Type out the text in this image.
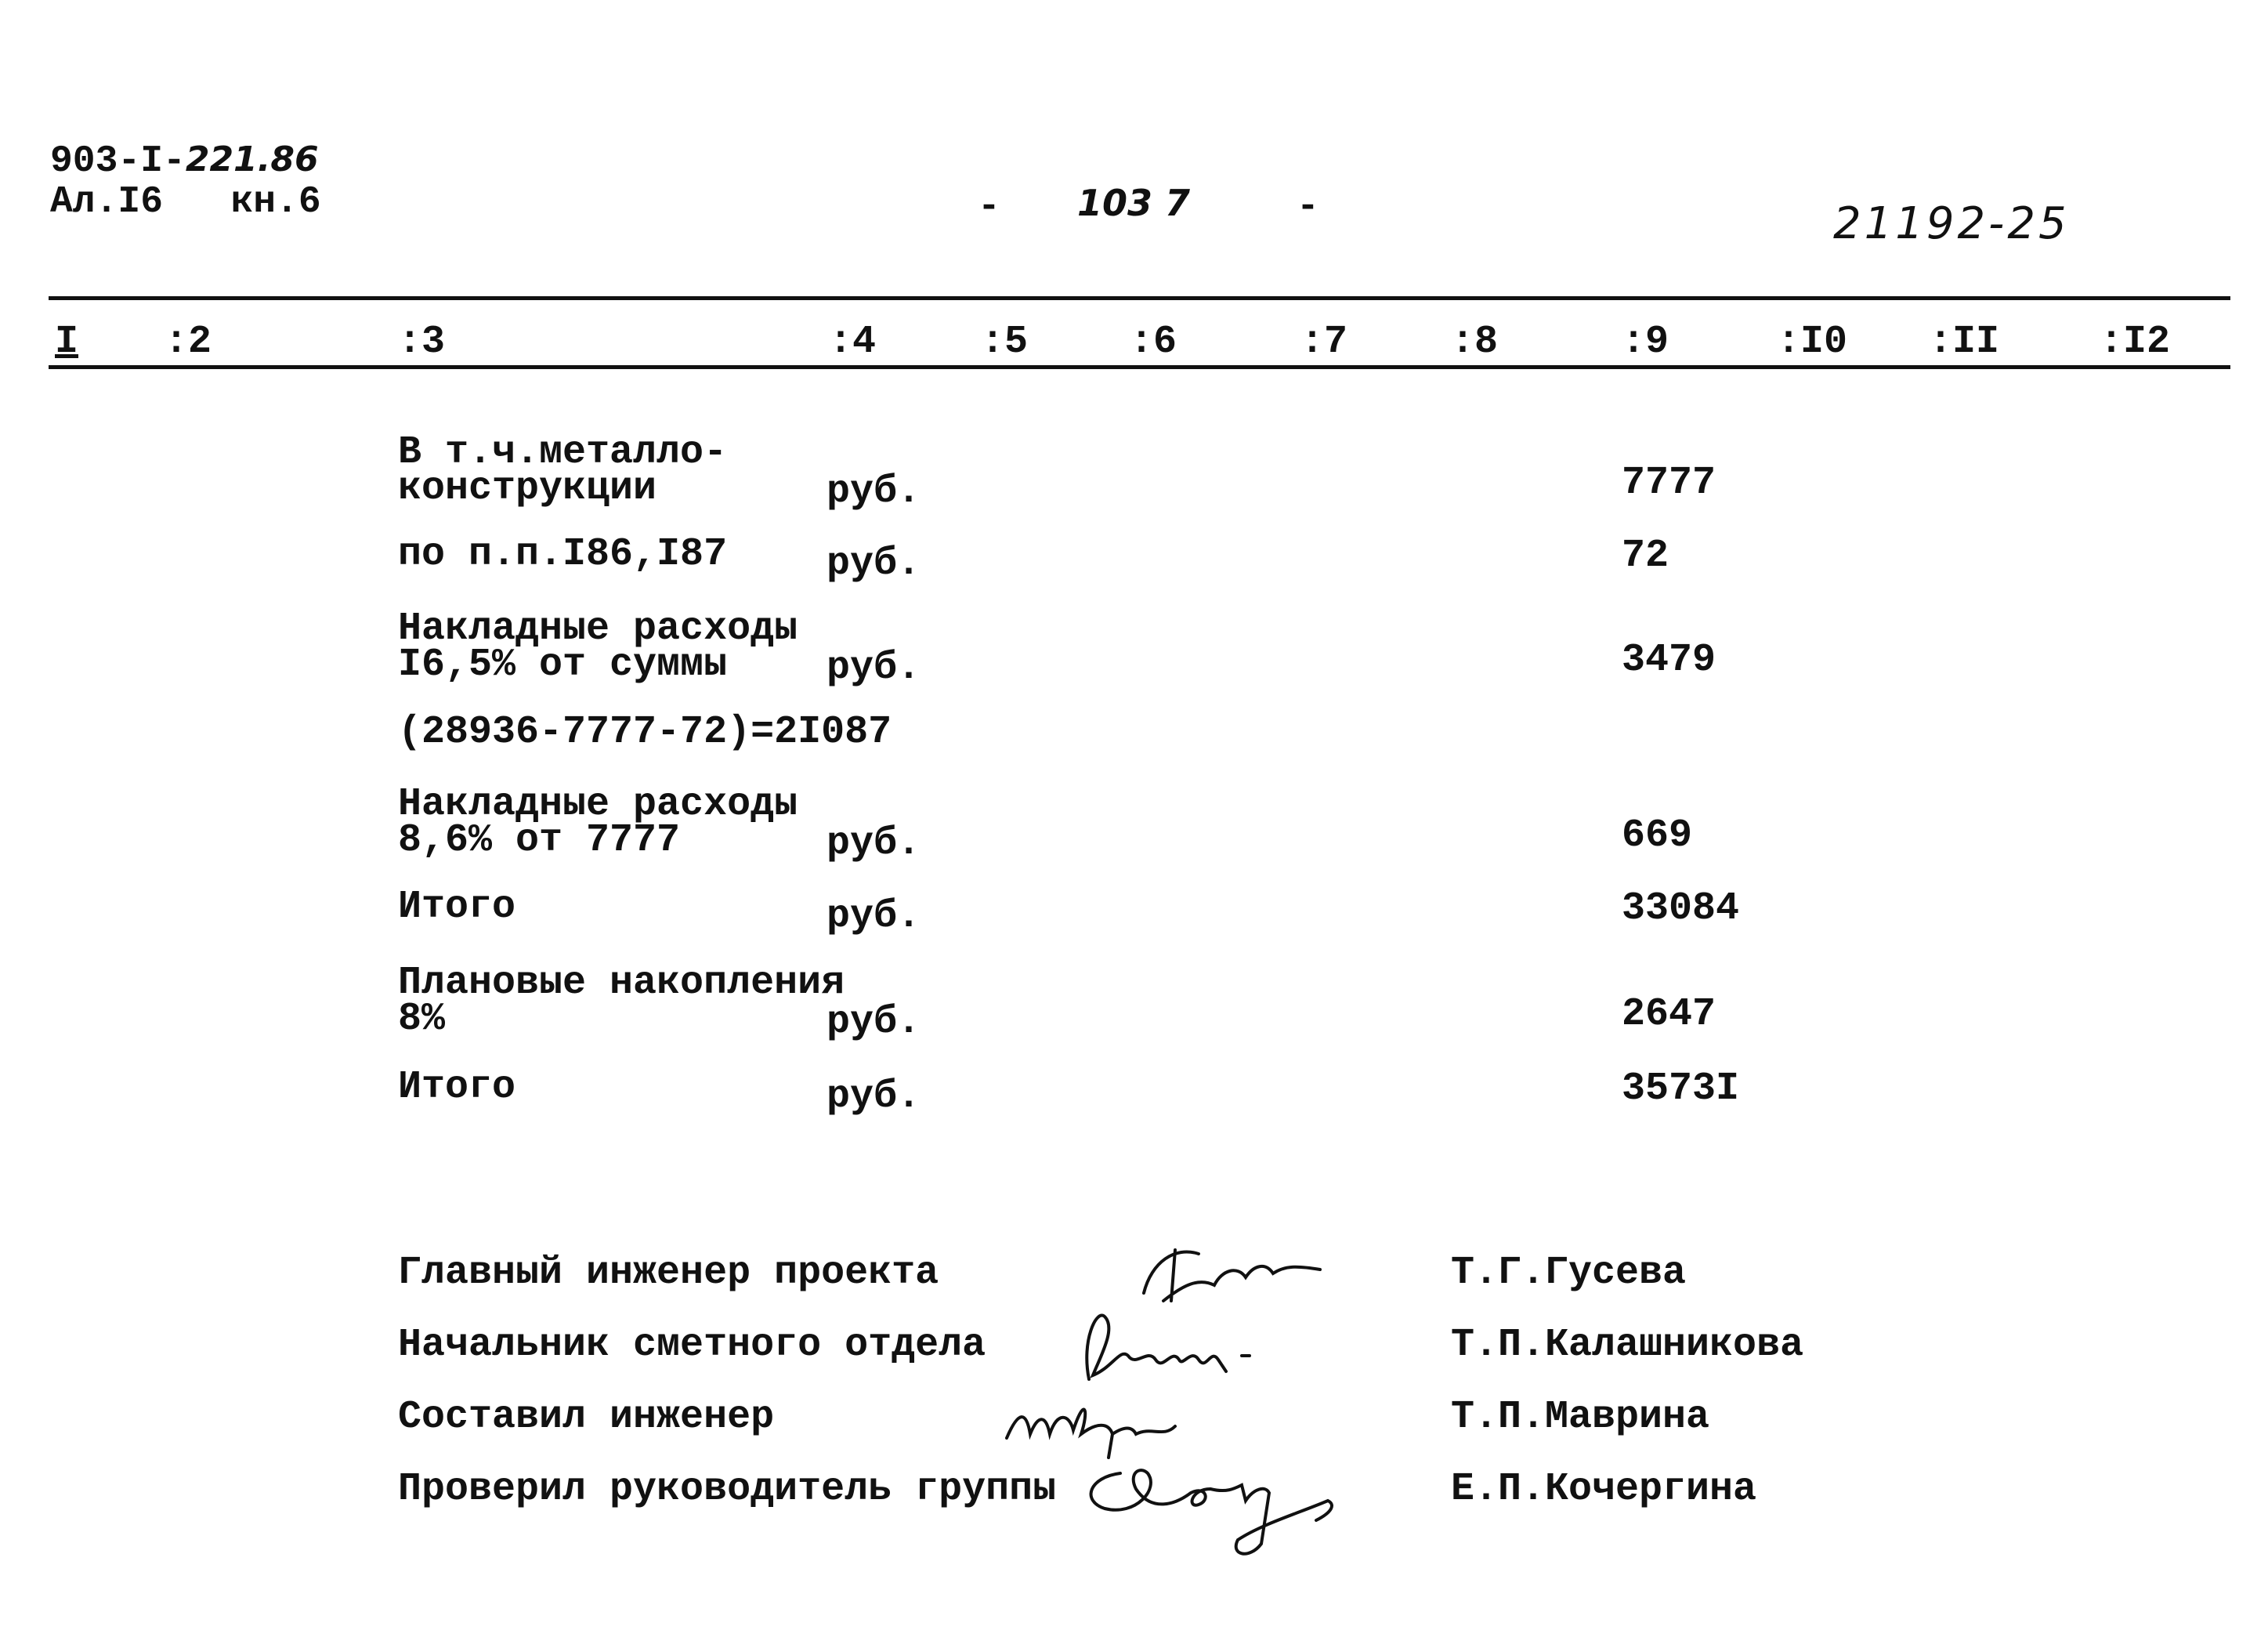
903-I-221.86
Ал.I6   кн.6	- 103 7	-	21192-25
I :2	:3	:4	:5	:6	:7	:8	:9	:I0 :II	:I2
В т.ч.металло-
конструкции	руб.	7777
по п.п.I86,I87	руб.	72
Накладные расходы
I6,5% от суммы	руб.	3479
(28936-7777-72)=2I087
Накладные расходы
8,6% от 7777	руб.	669
Итого	руб.	33084
Плановые накопления
8%	руб.	2647
Итого	руб.	3573I
Главный инженер проекта	Т.Г.Гусева
Начальник сметного отдела	Т.П.Калашникова
Составил инженер	Т.П.Маврина
Проверил руководитель группы	Е.П.Кочергина
